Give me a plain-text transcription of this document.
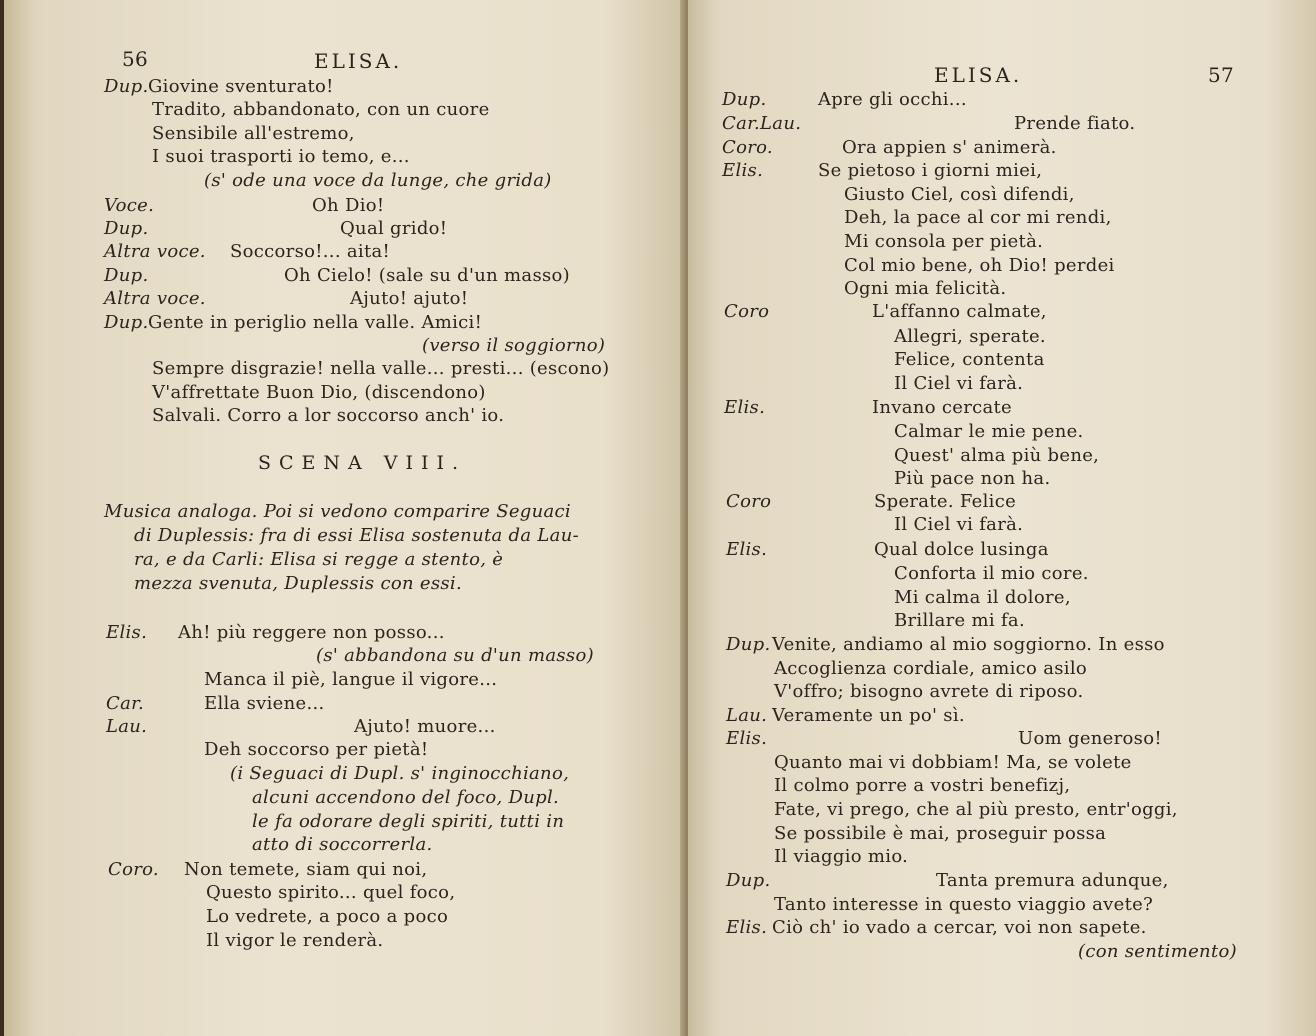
56	ELISA.
Dup. Giovine sventurato!
Tradito, abbandonato, con un cuore
Sensibile all'estremo,
I suoi trasporti io temo, e...
(s' ode una voce da lunge, che grida)
Voce.	Oh Dio!
Dup.	Qual grido!
Altra voce. Soccorso!... aita!
Dup.	Oh Cielo! (sale su d'un masso)
Altra voce.	Ajuto! ajuto!
Dup. Gente in periglio nella valle. Amici!
(verso il soggiorno)
Sempre disgrazie! nella valle... presti... (escono)
V'affrettate Buon Dio, (discendono)
Salvali. Corro a lor soccorso anch' io.
SCENA VIII.
Musica analoga. Poi si vedono comparire Seguaci
di Duplessis: fra di essi Elisa sostenuta da Lau-
ra, e da Carli: Elisa si regge a stento, è
mezza svenuta, Duplessis con essi.
Elis. Ah! più reggere non posso...
(s' abbandona su d'un masso)
Manca il piè, langue il vigore...
Car.	Ella sviene...
Lau.	Ajuto! muore...
Deh soccorso per pietà!
(i Seguaci di Dupl. s' inginocchiano,
alcuni accendono del foco, Dupl.
le fa odorare degli spiriti, tutti in
atto di soccorrerla.
Coro. Non temete, siam qui noi,
Questo spirito... quel foco,
Lo vedrete, a poco a poco
Il vigor le renderà.
ELISA.	57
Dup.	Apre gli occhi...
Car.Lau.	Prende fiato.
Coro.	Ora appien s' animerà.
Elis.	Se pietoso i giorni miei,
Giusto Ciel, così difendi,
Deh, la pace al cor mi rendi,
Mi consola per pietà.
Col mio bene, oh Dio! perdei
Ogni mia felicità.
Coro	L'affanno calmate,
Allegri, sperate.
Felice, contenta
Il Ciel vi farà.
Elis.	Invano cercate
Calmar le mie pene.
Quest' alma più bene,
Più pace non ha.
Coro	Sperate. Felice
Il Ciel vi farà.
Elis.	Qual dolce lusinga
Conforta il mio core.
Mi calma il dolore,
Brillare mi fa.
Dup. Venite, andiamo al mio soggiorno. In esso
Accoglienza cordiale, amico asilo
V'offro; bisogno avrete di riposo.
Lau. Veramente un po' sì.
Elis.	Uom generoso!
Quanto mai vi dobbiam! Ma, se volete
Il colmo porre a vostri benefizj,
Fate, vi prego, che al più presto, entr'oggi,
Se possibile è mai, proseguir possa
Il viaggio mio.
Dup.	Tanta premura adunque,
Tanto interesse in questo viaggio avete?
Elis. Ciò ch' io vado a cercar, voi non sapete.
(con sentimento)
